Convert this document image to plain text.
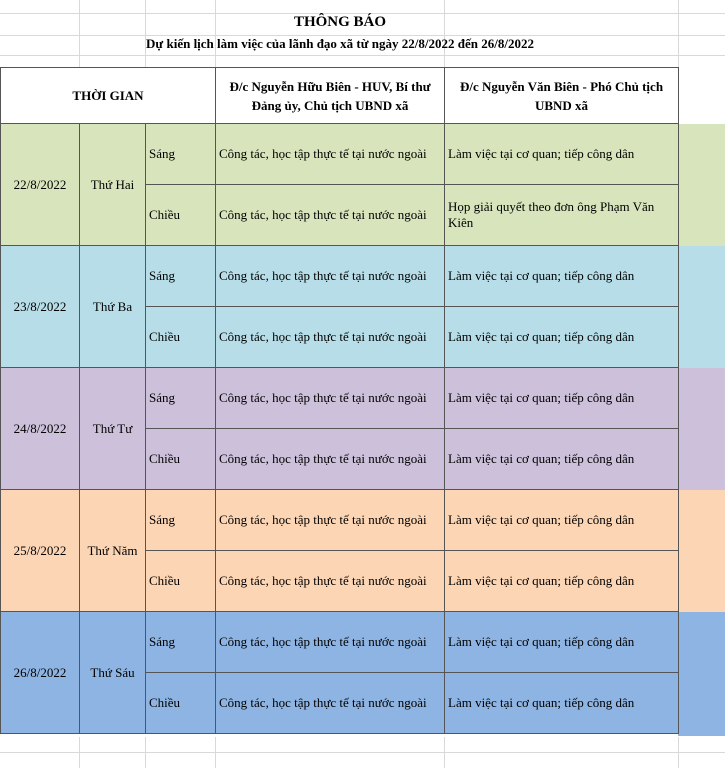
THÔNG BÁO
Dự kiến lịch làm việc của lãnh đạo xã từ ngày 22/8/2022 đến 26/8/2022
THỜI GIAN			Đ/c Nguyễn Hữu Biên - HUV, Bí thư Đảng ủy, Chủ tịch UBND xã	Đ/c Nguyễn Văn Biên - Phó Chủ tịch UBND xã
22/8/2022	Thứ Hai	Sáng	Công tác, học tập thực tế tại nước ngoài	Làm việc tại cơ quan; tiếp công dân
		Chiều	Công tác, học tập thực tế tại nước ngoài	Họp giải quyết theo đơn ông Phạm Văn Kiên
23/8/2022	Thứ Ba	Sáng	Công tác, học tập thực tế tại nước ngoài	Làm việc tại cơ quan; tiếp công dân
		Chiều	Công tác, học tập thực tế tại nước ngoài	Làm việc tại cơ quan; tiếp công dân
24/8/2022	Thứ Tư	Sáng	Công tác, học tập thực tế tại nước ngoài	Làm việc tại cơ quan; tiếp công dân
		Chiều	Công tác, học tập thực tế tại nước ngoài	Làm việc tại cơ quan; tiếp công dân
25/8/2022	Thứ Năm	Sáng	Công tác, học tập thực tế tại nước ngoài	Làm việc tại cơ quan; tiếp công dân
		Chiều	Công tác, học tập thực tế tại nước ngoài	Làm việc tại cơ quan; tiếp công dân
26/8/2022	Thứ Sáu	Sáng	Công tác, học tập thực tế tại nước ngoài	Làm việc tại cơ quan; tiếp công dân
		Chiều	Công tác, học tập thực tế tại nước ngoài	Làm việc tại cơ quan; tiếp công dân
